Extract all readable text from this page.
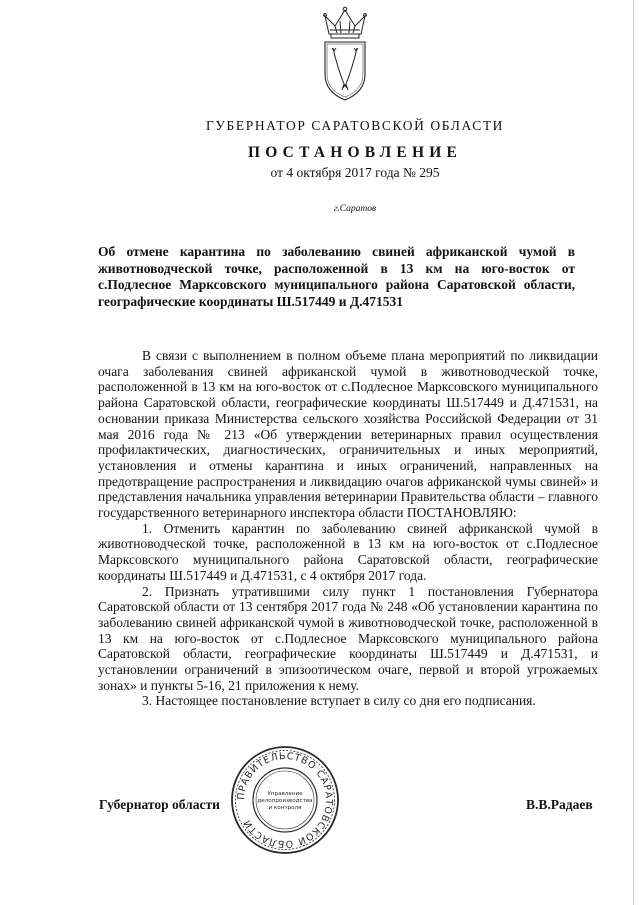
ГУБЕРНАТОР САРАТОВСКОЙ ОБЛАСТИ
ПОСТАНОВЛЕНИЕ
от 4 октября 2017 года № 295
г.Саратов
Об отмене карантина по заболеванию свиней африканской чумой в животноводческой точке, расположенной в 13 км на юго-восток от с.Подлесное Марксовского муниципального района Саратовской области, географические координаты Ш.517449 и Д.471531

В связи с выполнением в полном объеме плана мероприятий по ликвидации очага заболевания свиней африканской чумой в животноводческой точке, расположенной в 13 км на юго-восток от с.Подлесное Марксовского муниципального района Саратовской области, географические координаты Ш.517449 и Д.471531, на основании приказа Министерства сельского хозяйства Российской Федерации от 31 мая 2016 года № 213 «Об утверждении ветеринарных правил осуществления профилактических, диагностических, ограничительных и иных мероприятий, установления и отмены карантина и иных ограничений, направленных на предотвращение распространения и ликвидацию очагов африканской чумы свиней» и представления начальника управления ветеринарии Правительства области – главного государственного ветеринарного инспектора области ПОСТАНОВЛЯЮ:

1. Отменить карантин по заболеванию свиней африканской чумой в животноводческой точке, расположенной в 13 км на юго-восток от с.Подлесное Марксовского муниципального района Саратовской области, географические координаты Ш.517449 и Д.471531, с 4 октября 2017 года.

2. Признать утратившими силу пункт 1 постановления Губернатора Саратовской области от 13 сентября 2017 года № 248 «Об установлении карантина по заболеванию свиней африканской чумой в животноводческой точке, расположенной в 13 км на юго-восток от с.Подлесное Марксовского муниципального района Саратовской области, географические координаты Ш.517449 и Д.471531, и установлении ограничений в эпизоотическом очаге, первой и второй угрожаемых зонах» и пункты 5-16, 21 приложения к нему.

3. Настоящее постановление вступает в силу со дня его подписания.

Губернатор области	В.В.Радаев
ПРАВИТЕЛЬСТВО САРАТОВСКОЙ ОБЛАСТИ
Управление
делопроизводства
и контроля
